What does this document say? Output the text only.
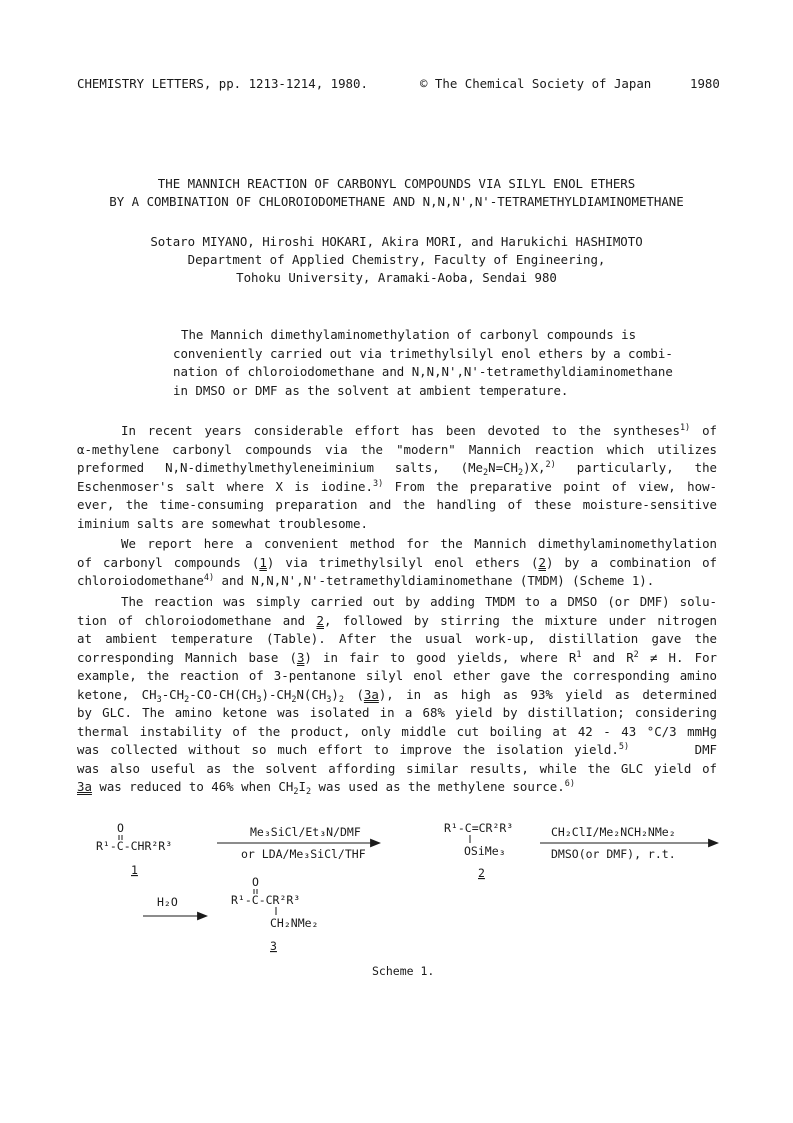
CHEMISTRY LETTERS, pp. 1213-1214, 1980.	© The Chemical Society of Japan	1980
THE MANNICH REACTION OF CARBONYL COMPOUNDS VIA SILYL ENOL ETHERS
BY A COMBINATION OF CHLOROIODOMETHANE AND N,N,N',N'-TETRAMETHYLDIAMINOMETHANE
Sotaro MIYANO, Hiroshi HOKARI, Akira MORI, and Harukichi HASHIMOTO
Department of Applied Chemistry, Faculty of Engineering,
Tohoku University, Aramaki-Aoba, Sendai 980
The Mannich dimethylaminomethylation of carbonyl compounds is
conveniently carried out via trimethylsilyl enol ethers by a combi-
nation of chloroiodomethane and N,N,N',N'-tetramethyldiaminomethane
in DMSO or DMF as the solvent at ambient temperature.
In recent years considerable effort has been devoted to the syntheses$^{1)}$ of
α-methylene carbonyl compounds via the "modern" Mannich reaction which utilizes
preformed N,N-dimethylmethyleneiminium salts, $(Me_2N=CH_2)X,^{2)}$ particularly, the
Eschenmoser's salt where X is iodine.$^{3)}$ From the preparative point of view, how-
ever, the time-consuming preparation and the handling of these moisture-sensitive
iminium salts are somewhat troublesome.
We report here a convenient method for the Mannich dimethylaminomethylation
of carbonyl compounds (1) via trimethylsilyl enol ethers (2) by a combination of
chloroiodomethane$^{4)}$ and N,N,N',N'-tetramethyldiaminomethane (TMDM) (Scheme 1).
The reaction was simply carried out by adding TMDM to a DMSO (or DMF) solu-
tion of chloroiodomethane and 2, followed by stirring the mixture under nitrogen
at ambient temperature (Table). After the usual work-up, distillation gave the
corresponding Mannich base (3) in fair to good yields, where $R^1$ and $R^2 \ne H$. For
example, the reaction of 3-pentanone silyl enol ether gave the corresponding amino
ketone, $CH_3-CH_2-CO-CH(CH_3)-CH_2N(CH_3)_2$ (3a), in as high as 93% yield as determined
by GLC. The amino ketone was isolated in a 68% yield by distillation; considering
thermal instability of the product, only middle cut boiling at 42 - 43 °C/3 mmHg
was collected without so much effort to improve the isolation yield.$^{5)}$	DMF
was also useful as the solvent affording similar results, while the GLC yield of
3a was reduced to 46% when $CH_2I_2$ was used as the methylene source.$^{6)}$
O
R¹-C-CHR²R³
1
Me₃SiCl/Et₃N/DMF
or LDA/Me₃SiCl/THF
R¹-C=CR²R³
OSiMe₃
2
CH₂ClI/Me₂NCH₂NMe₂
DMSO(or DMF), r.t.
H₂O
O
R¹-C-CR²R³
CH₂NMe₂
3
Scheme 1.
